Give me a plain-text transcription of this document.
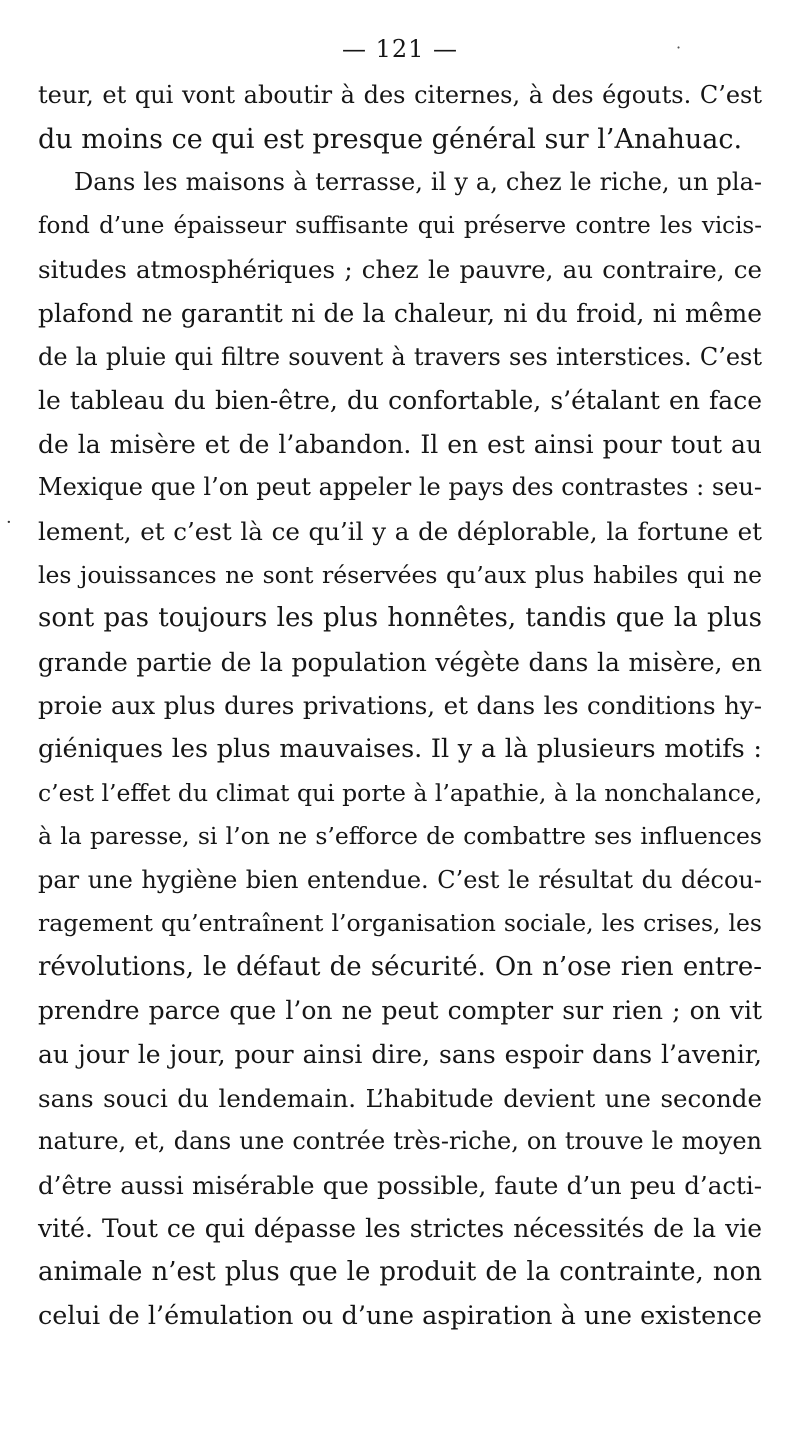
— 121 —	·
·
teur, et qui vont aboutir à des citernes, à des égouts. C’est
du moins ce qui est presque général sur l’Anahuac.
Dans les maisons à terrasse, il y a, chez le riche, un pla-
fond d’une épaisseur suffisante qui préserve contre les vicis-
situdes atmosphériques ; chez le pauvre, au contraire, ce
plafond ne garantit ni de la chaleur, ni du froid, ni même
de la pluie qui filtre souvent à travers ses interstices. C’est
le tableau du bien-être, du confortable, s’étalant en face
de la misère et de l’abandon. Il en est ainsi pour tout au
Mexique que l’on peut appeler le pays des contrastes : seu-
lement, et c’est là ce qu’il y a de déplorable, la fortune et
les jouissances ne sont réservées qu’aux plus habiles qui ne
sont pas toujours les plus honnêtes, tandis que la plus
grande partie de la population végète dans la misère, en
proie aux plus dures privations, et dans les conditions hy-
giéniques les plus mauvaises. Il y a là plusieurs motifs :
c’est l’effet du climat qui porte à l’apathie, à la nonchalance,
à la paresse, si l’on ne s’efforce de combattre ses influences
par une hygiène bien entendue. C’est le résultat du décou-
ragement qu’entraînent l’organisation sociale, les crises, les
révolutions, le défaut de sécurité. On n’ose rien entre-
prendre parce que l’on ne peut compter sur rien ; on vit
au jour le jour, pour ainsi dire, sans espoir dans l’avenir,
sans souci du lendemain. L’habitude devient une seconde
nature, et, dans une contrée très-riche, on trouve le moyen
d’être aussi misérable que possible, faute d’un peu d’acti-
vité. Tout ce qui dépasse les strictes nécessités de la vie
animale n’est plus que le produit de la contrainte, non
celui de l’émulation ou d’une aspiration à une existence
